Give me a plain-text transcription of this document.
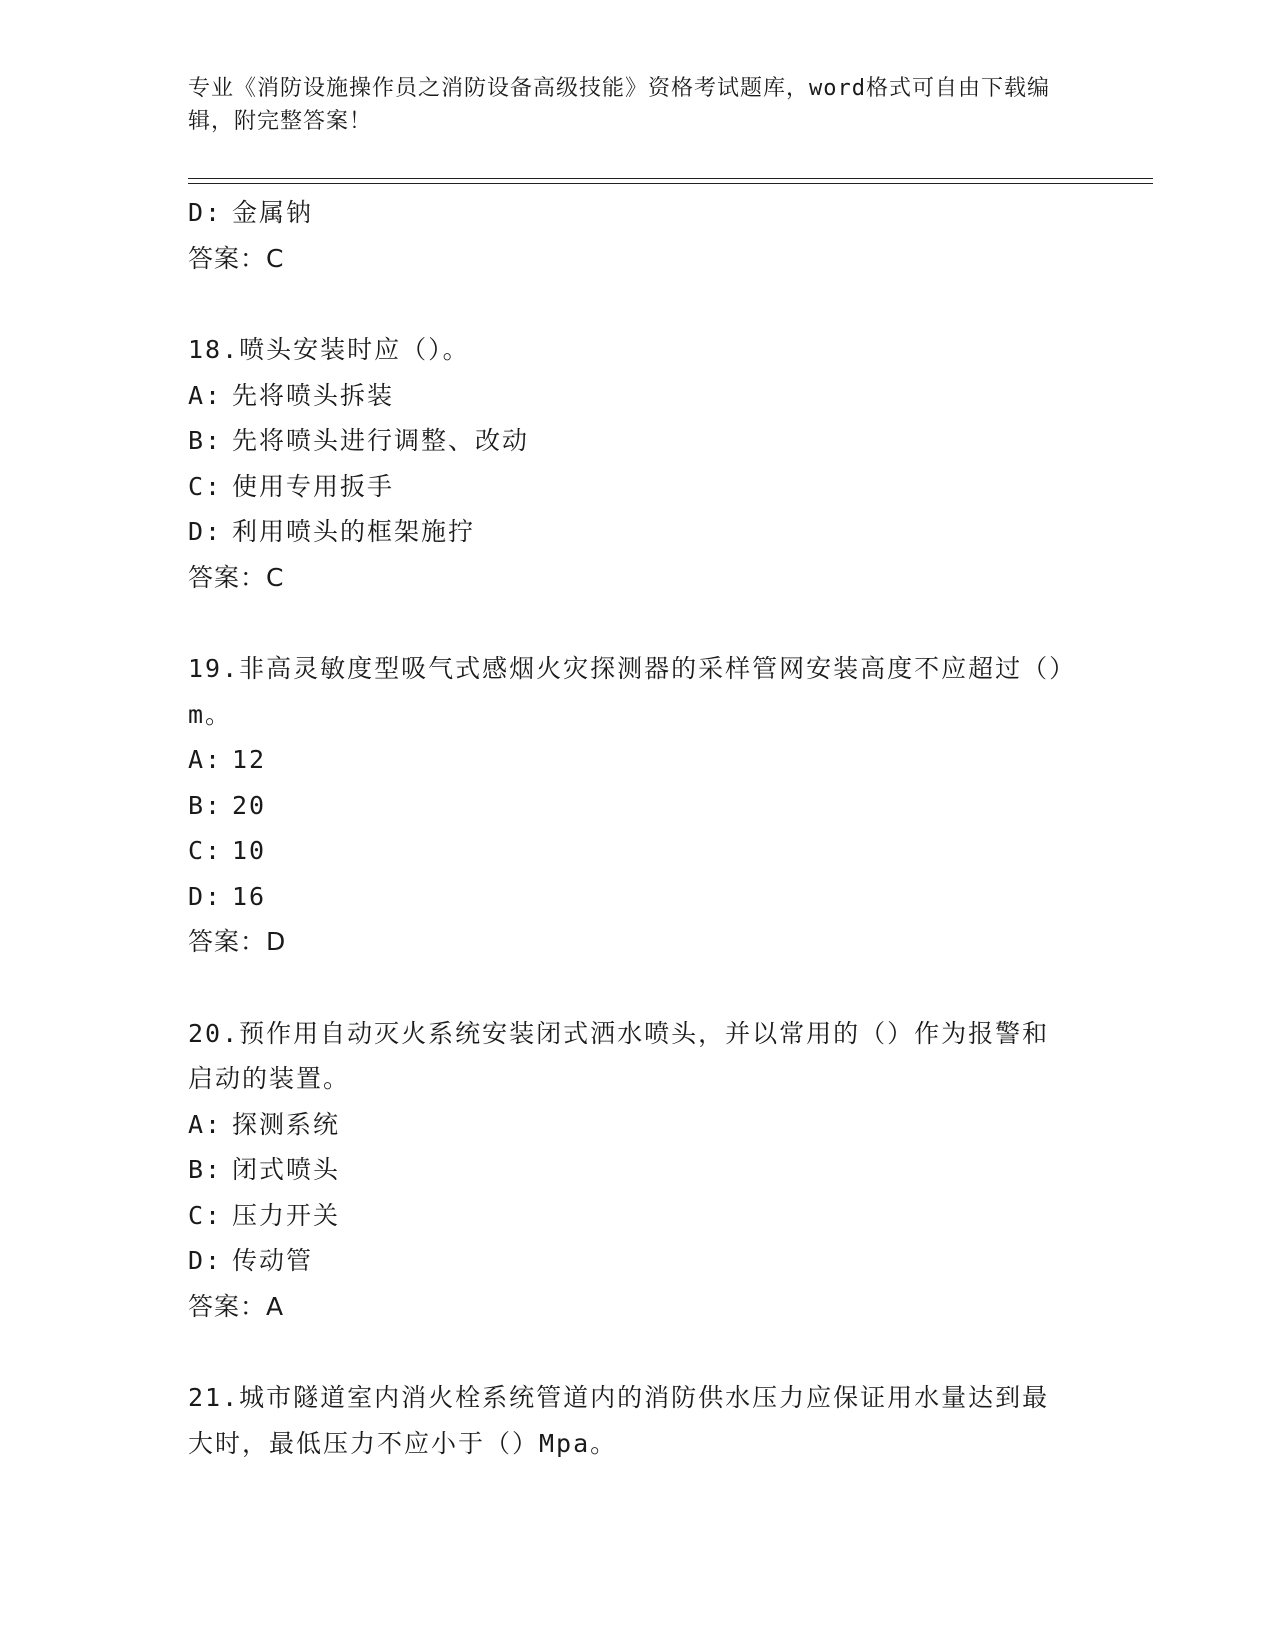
专业《消防设施操作员之消防设备高级技能》资格考试题库，word格式可自由下载编辑，附完整答案！
D: 金属钠
答案：C
18.喷头安装时应（）。
A: 先将喷头拆装
B: 先将喷头进行调整、改动
C: 使用专用扳手
D: 利用喷头的框架施拧
答案：C
19.非高灵敏度型吸气式感烟火灾探测器的采样管网安装高度不应超过（）m。
A: 12
B: 20
C: 10
D: 16
答案：D
20.预作用自动灭火系统安装闭式洒水喷头，并以常用的（）作为报警和启动的装置。
A: 探测系统
B: 闭式喷头
C: 压力开关
D: 传动管
答案：A
21.城市隧道室内消火栓系统管道内的消防供水压力应保证用水量达到最大时，最低压力不应小于（）Mpa。
